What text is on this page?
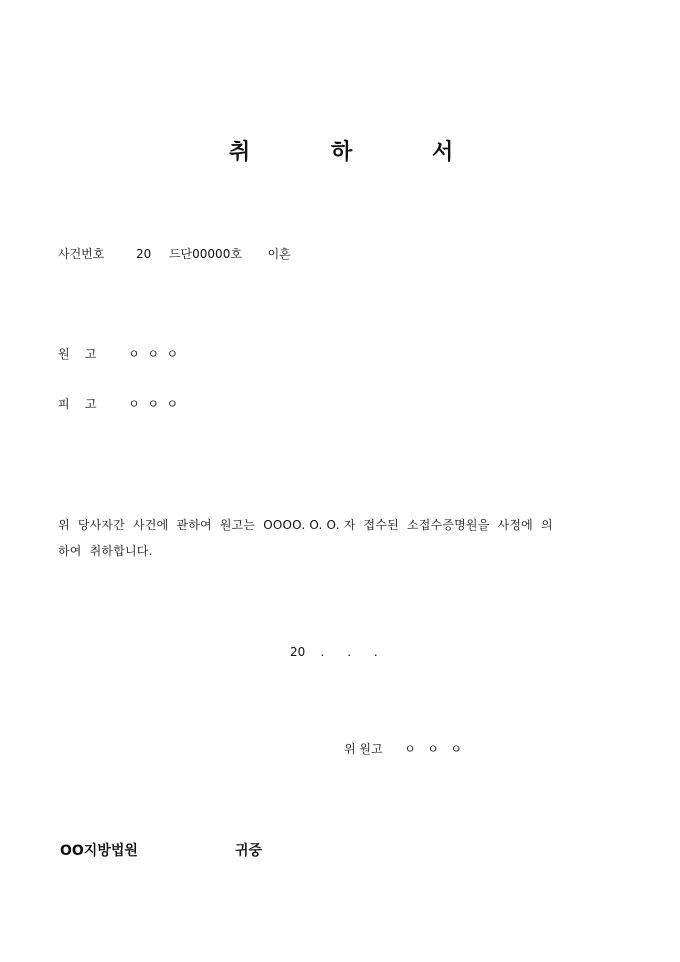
취	하	서
사건번호	20 드단00000호 이혼
원    고	ㅇ  ㅇ  ㅇ
피    고	ㅇ  ㅇ  ㅇ
위  당사자간  사건에  관하여  원고는  OOOO. O. O. 자  접수된  소접수증명원을  사정에  의
하여  취하합니다.
20    .      .      .
위 원고 ㅇ   ㅇ   ㅇ
OO지방법원	귀중
